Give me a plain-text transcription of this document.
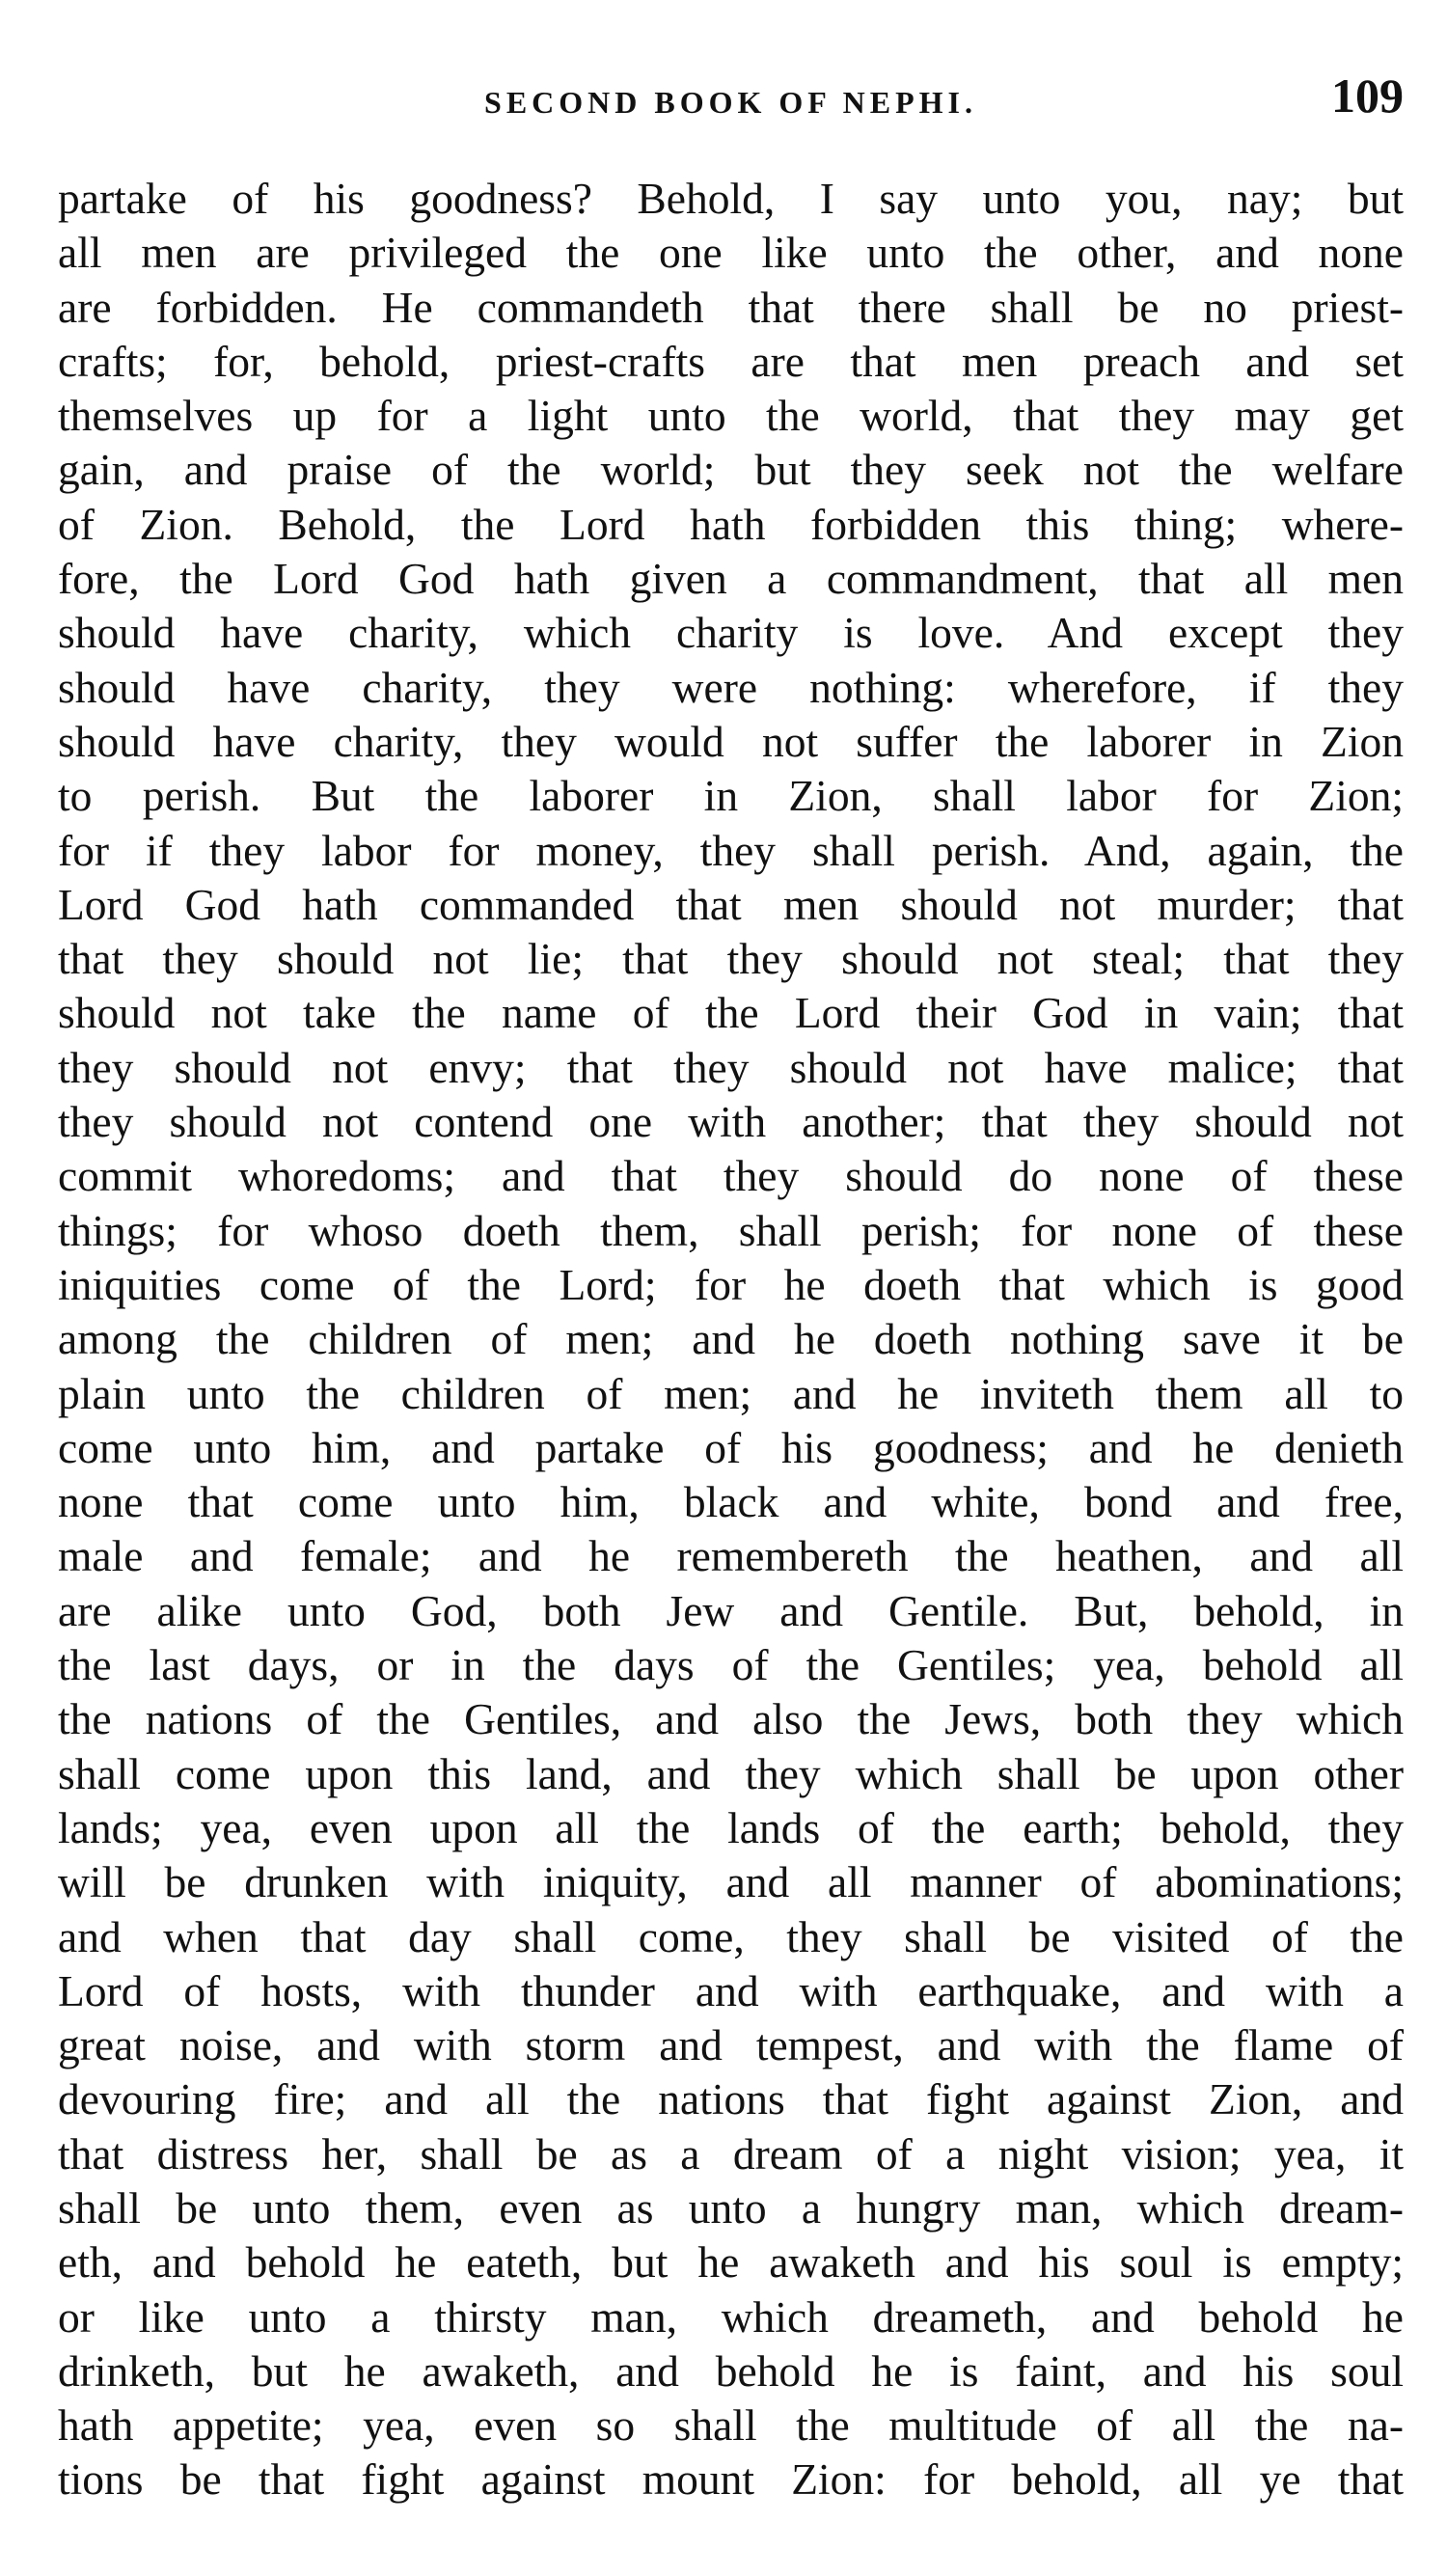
SECOND BOOK OF NEPHI.	109
partake of his goodness? Behold, I say unto you, nay; but
all men are privileged the one like unto the other, and none
are forbidden. He commandeth that there shall be no priest-
crafts; for, behold, priest-crafts are that men preach and set
themselves up for a light unto the world, that they may get
gain, and praise of the world; but they seek not the welfare
of Zion. Behold, the Lord hath forbidden this thing; where-
fore, the Lord God hath given a commandment, that all men
should have charity, which charity is love. And except they
should have charity, they were nothing: wherefore, if they
should have charity, they would not suffer the laborer in Zion
to perish. But the laborer in Zion, shall labor for Zion;
for if they labor for money, they shall perish. And, again, the
Lord God hath commanded that men should not murder; that
that they should not lie; that they should not steal; that they
should not take the name of the Lord their God in vain; that
they should not envy; that they should not have malice; that
they should not contend one with another; that they should not
commit whoredoms; and that they should do none of these
things; for whoso doeth them, shall perish; for none of these
iniquities come of the Lord; for he doeth that which is good
among the children of men; and he doeth nothing save it be
plain unto the children of men; and he inviteth them all to
come unto him, and partake of his goodness; and he denieth
none that come unto him, black and white, bond and free,
male and female; and he remembereth the heathen, and all
are alike unto God, both Jew and Gentile. But, behold, in
the last days, or in the days of the Gentiles; yea, behold all
the nations of the Gentiles, and also the Jews, both they which
shall come upon this land, and they which shall be upon other
lands; yea, even upon all the lands of the earth; behold, they
will be drunken with iniquity, and all manner of abominations;
and when that day shall come, they shall be visited of the
Lord of hosts, with thunder and with earthquake, and with a
great noise, and with storm and tempest, and with the flame of
devouring fire; and all the nations that fight against Zion, and
that distress her, shall be as a dream of a night vision; yea, it
shall be unto them, even as unto a hungry man, which dream-
eth, and behold he eateth, but he awaketh and his soul is empty;
or like unto a thirsty man, which dreameth, and behold he
drinketh, but he awaketh, and behold he is faint, and his soul
hath appetite; yea, even so shall the multitude of all the na-
tions be that fight against mount Zion: for behold, all ye that
